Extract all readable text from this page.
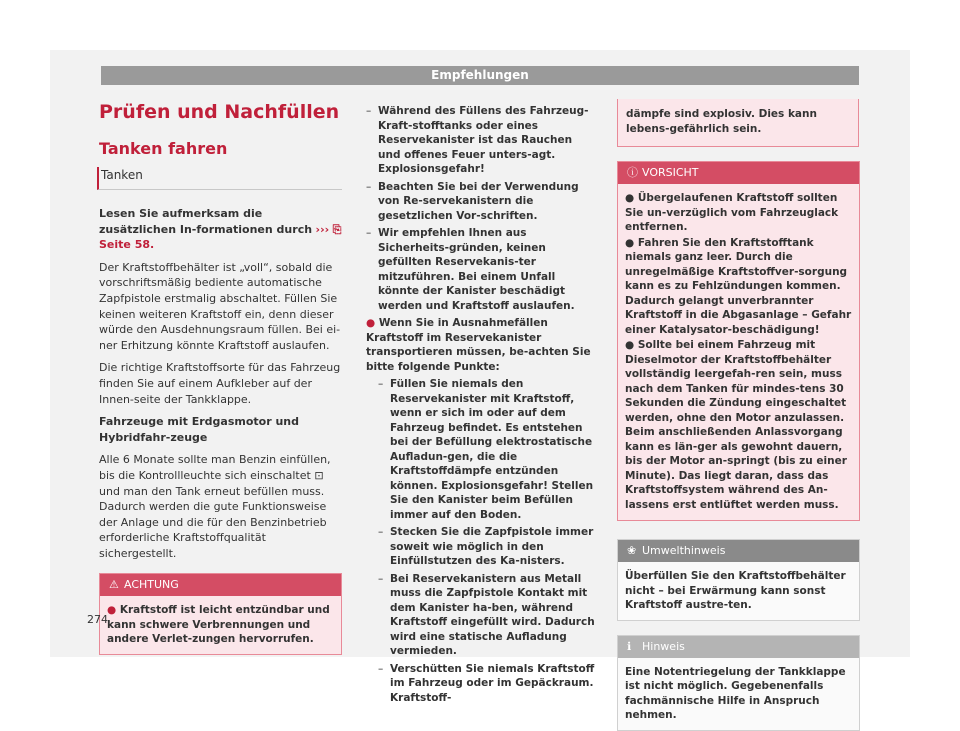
Empfehlungen
Prüfen und Nachfüllen
Tanken fahren
Tanken

Lesen Sie aufmerksam die zusätzlichen In-formationen durch ››› ⎘ Seite 58.

Der Kraftstoffbehälter ist „voll“, sobald die vorschriftsmäßig bediente automatische Zapfpistole erstmalig abschaltet. Füllen Sie keinen weiteren Kraftstoff ein, denn dieser würde den Ausdehnungsraum füllen. Bei ei-ner Erhitzung könnte Kraftstoff auslaufen.

Die richtige Kraftstoffsorte für das Fahrzeug finden Sie auf einem Aufkleber auf der Innen-seite der Tankklappe.

Fahrzeuge mit Erdgasmotor und Hybridfahr-zeuge

Alle 6 Monate sollte man Benzin einfüllen, bis die Kontrollleuchte sich einschaltet ⊡ und man den Tank erneut befüllen muss. Dadurch werden die gute Funktionsweise der Anlage und die für den Benzinbetrieb erforderliche Kraftstoffqualität sichergestellt.

⚠ ACHTUNG
● Kraftstoff ist leicht entzündbar und kann schwere Verbrennungen und andere Verlet-zungen hervorrufen.
– Während des Füllens des Fahrzeug-Kraft-stofftanks oder eines Reservekanister ist das Rauchen und offenes Feuer unters-agt. Explosionsgefahr!
– Beachten Sie bei der Verwendung von Re-servekanistern die gesetzlichen Vor-schriften.
– Wir empfehlen Ihnen aus Sicherheits-gründen, keinen gefüllten Reservekanis-ter mitzuführen. Bei einem Unfall könnte der Kanister beschädigt werden und Kraftstoff auslaufen.

● Wenn Sie in Ausnahmefällen Kraftstoff im Reservekanister transportieren müssen, be-achten Sie bitte folgende Punkte:

– Füllen Sie niemals den Reservekanister mit Kraftstoff, wenn er sich im oder auf dem Fahrzeug befindet. Es entstehen bei der Befüllung elektrostatische Aufladun-gen, die die Kraftstoffdämpfe entzünden können. Explosionsgefahr! Stellen Sie den Kanister beim Befüllen immer auf den Boden.
– Stecken Sie die Zapfpistole immer soweit wie möglich in den Einfüllstutzen des Ka-nisters.
– Bei Reservekanistern aus Metall muss die Zapfpistole Kontakt mit dem Kanister ha-ben, während Kraftstoff eingefüllt wird. Dadurch wird eine statische Aufladung vermieden.
– Verschütten Sie niemals Kraftstoff im Fahrzeug oder im Gepäckraum. Kraftstoff-
dämpfe sind explosiv. Dies kann lebens-gefährlich sein.
ⓘ VORSICHT
● Übergelaufenen Kraftstoff sollten Sie un-verzüglich vom Fahrzeuglack entfernen.
● Fahren Sie den Kraftstofftank niemals ganz leer. Durch die unregelmäßige Kraftstoffver-sorgung kann es zu Fehlzündungen kommen. Dadurch gelangt unverbrannter Kraftstoff in die Abgasanlage – Gefahr einer Katalysator-beschädigung!
● Sollte bei einem Fahrzeug mit Dieselmotor der Kraftstoffbehälter vollständig leergefah-ren sein, muss nach dem Tanken für mindes-tens 30 Sekunden die Zündung eingeschaltet werden, ohne den Motor anzulassen. Beim anschließenden Anlassvorgang kann es län-ger als gewohnt dauern, bis der Motor an-springt (bis zu einer Minute). Das liegt daran, dass das Kraftstoffsystem während des An-lassens erst entlüftet werden muss.
❀ Umwelthinweis
Überfüllen Sie den Kraftstoffbehälter nicht – bei Erwärmung kann sonst Kraftstoff austre-ten.
ℹ Hinweis
Eine Notentriegelung der Tankklappe ist nicht möglich. Gegebenenfalls fachmännische Hilfe in Anspruch nehmen.
274
